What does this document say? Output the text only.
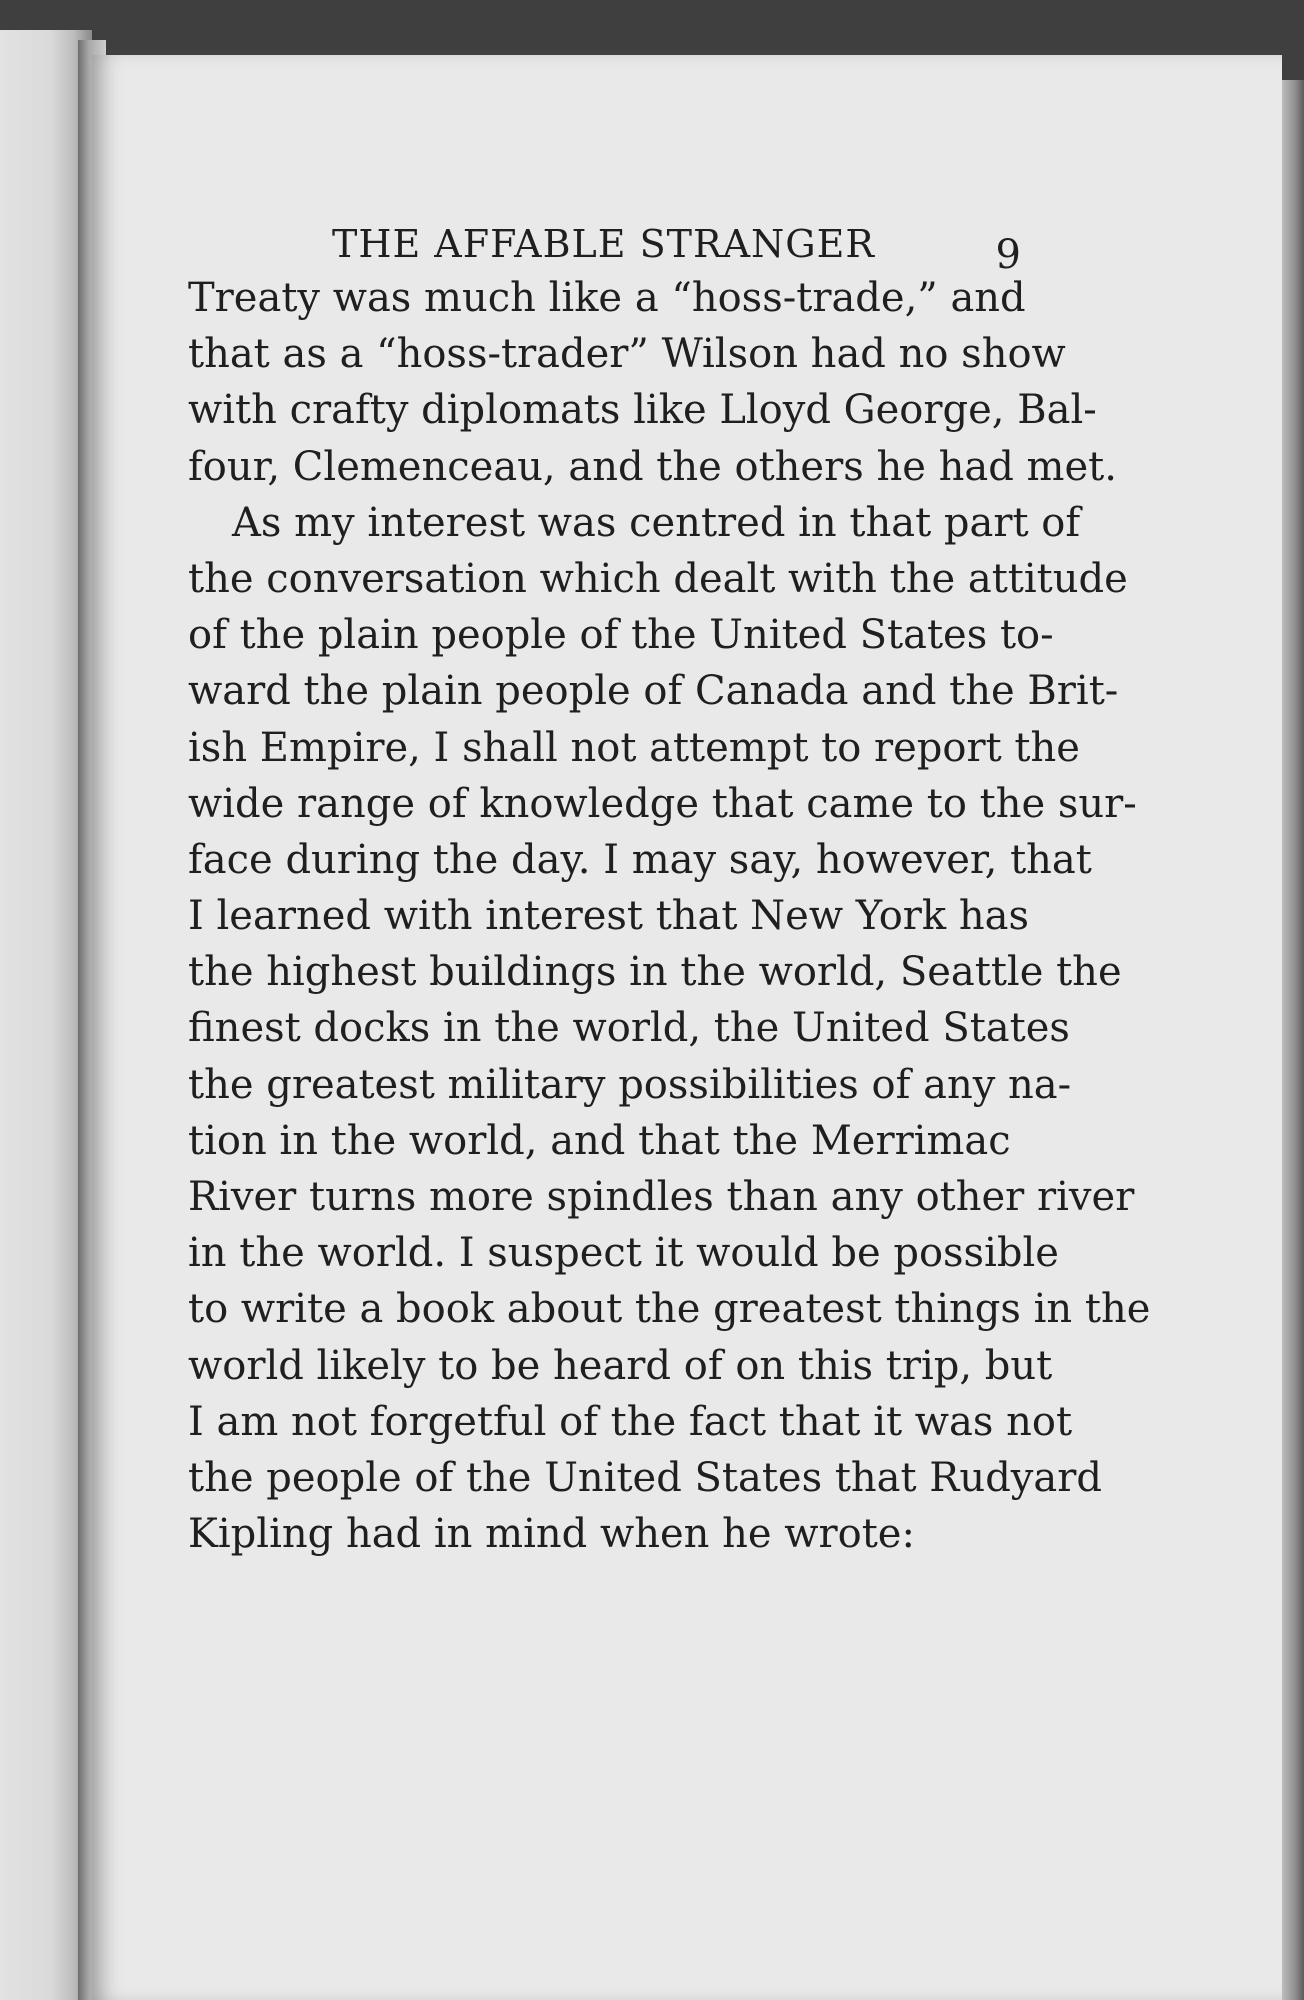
THE AFFABLE STRANGER	9
Treaty was much like a “hoss-trade,” and
that as a “hoss-trader” Wilson had no show
with crafty diplomats like Lloyd George, Bal-
four, Clemenceau, and the others he had met.
As my interest was centred in that part of
the conversation which dealt with the attitude
of the plain people of the United States to-
ward the plain people of Canada and the Brit-
ish Empire, I shall not attempt to report the
wide range of knowledge that came to the sur-
face during the day. I may say, however, that
I learned with interest that New York has
the highest buildings in the world, Seattle the
finest docks in the world, the United States
the greatest military possibilities of any na-
tion in the world, and that the Merrimac
River turns more spindles than any other river
in the world. I suspect it would be possible
to write a book about the greatest things in the
world likely to be heard of on this trip, but
I am not forgetful of the fact that it was not
the people of the United States that Rudyard
Kipling had in mind when he wrote:
